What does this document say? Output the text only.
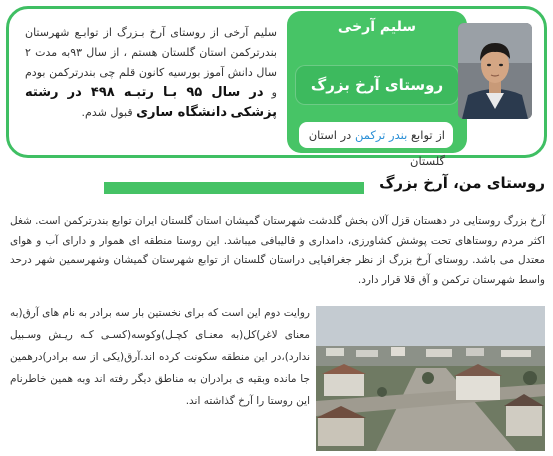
سلیم آرخی از روستای آرخ بـزرگ از توابـع شهرستان بندرترکمن استان گلستان هستم ، از سال ۹۳به مدت ۲ سال دانش آموز بورسیه کانون قلم چی بندرترکمن بودم و در سال ۹۵ بـا رتبـه ۴۹۸ در رشته پزشکی دانشگاه ساری قبول شدم.
سلیم آرخی
روستای آرخ بزرگ
از توابع بندر ترکمن در استان گلستان
روستای من، آرخ بزرگ
آرخ بزرگ روستایی در دهستان قزل آلان بخش گلدشت شهرستان گمیشان استان گلستان ایران توابع بندرترکمن است. شغل اکثر مردم روستاهای تحت پوشش کشاورزی، دامداری و قالیبافی میباشد. این روستا منطقه ای هموار و دارای آب و هوای معتدل می باشد. روستای آرخ بزرگ از نظر جغرافیایی دراستان گلستان از توابع شهرستان گمیشان وشهرسمین شهر درحد واسط شهرستان ترکمن و آق قلا قرار دارد.
روایت دوم این است که برای نخستین بار سه برادر به نام های آرق(به معنای لاغر)کل(به معنـای کچـل)وکوسه(کسـی کـه ریـش وسـبیل ندارد)،در این منطقه سکونت کرده اند.آرق(یکی از سه برادر)درهمین جا مانده وبقیه ی برادران به مناطق دیگر رفته اند وبه همین خاطرنام این روستا را آرخ گذاشته اند.
